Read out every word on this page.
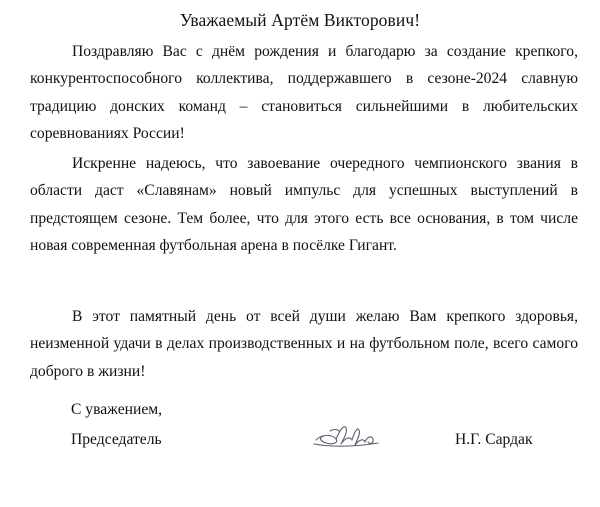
Уважаемый Артём Викторович!

Поздравляю Вас с днём рождения и благодарю за создание крепкого, конкурентоспособного коллектива, поддержавшего в сезоне-2024 славную традицию донских команд – становиться сильнейшими в любительских соревнованиях России!

Искренне надеюсь, что завоевание очередного чемпионского звания в области даст «Славянам» новый импульс для успешных выступлений в предстоящем сезоне. Тем более, что для этого есть все основания, в том числе новая современная футбольная арена в посёлке Гигант.

В этот памятный день от всей души желаю Вам крепкого здоровья, неизменной удачи в делах производственных и на футбольном поле, всего самого доброго в жизни!

С уважением,
Председатель	Н.Г. Сардак
